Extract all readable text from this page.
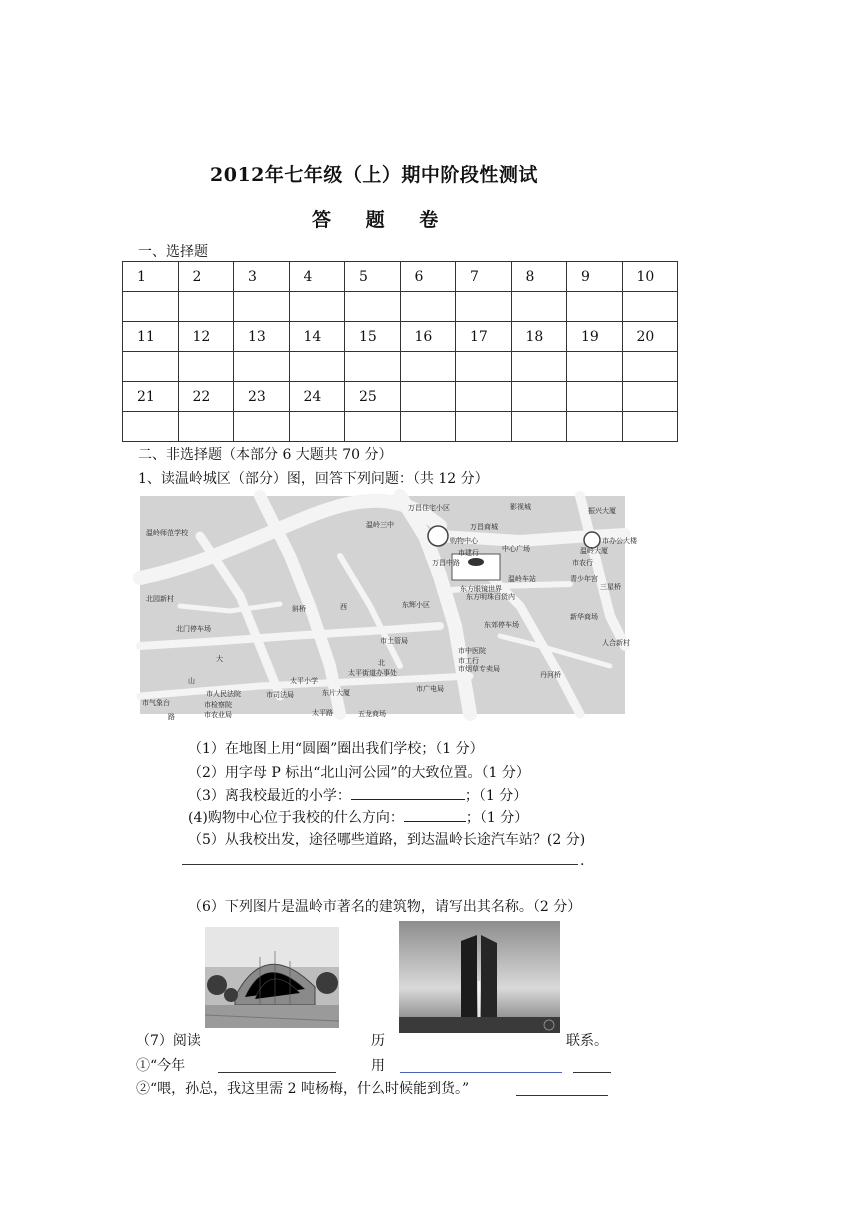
2012年七年级（上）期中阶段性测试
答 题 卷
一、选择题
1	2	3	4	5	6	7	8	9	10

11	12	13	14	15	16	17	18	19	20

21	22	23	24	25					

二、非选择题（本部分 6 大题共 70 分）
1、读温岭城区（部分）图，回答下列问题：（共 12 分）
万昌住宅小区	影视城	振兴大厦
万昌商城
温岭三中
万昌中路
购物中心
中心广场
市建行
市办公大楼
市农行
温岭大厦
温岭师范学校
东方眼镜世界
东方明珠百货内
青少年宫
三星桥
斜桥	西	东辉小区
北园新村
市土管局
温岭车站
东郊停车场
新华商场
北门停车场
太平街道办事处
市中医院
人合新村
大	北
太平小学
市烟草专卖局
市工行
山
市人民法院	市司法局
市广电局
东片大厦
丹河桥
市检察院
市农业局	五龙商场
太平路
市气象台
路
（1）在地图上用“圆圈”圈出我们学校；（1 分）
（2）用字母 P 标出“北山河公园”的大致位置。（1 分）
（3）离我校最近的小学：	；（1 分）
(4)购物中心位于我校的什么方向：	；（1 分）
（5）从我校出发，途径哪些道路，到达温岭长途汽车站？(2 分)
.
（6）下列图片是温岭市著名的建筑物，请写出其名称。（2 分）
（7）阅读	历	联系。
①“今年	用
②“喂，孙总，我这里需 2 吨杨梅，什么时候能到货。”
